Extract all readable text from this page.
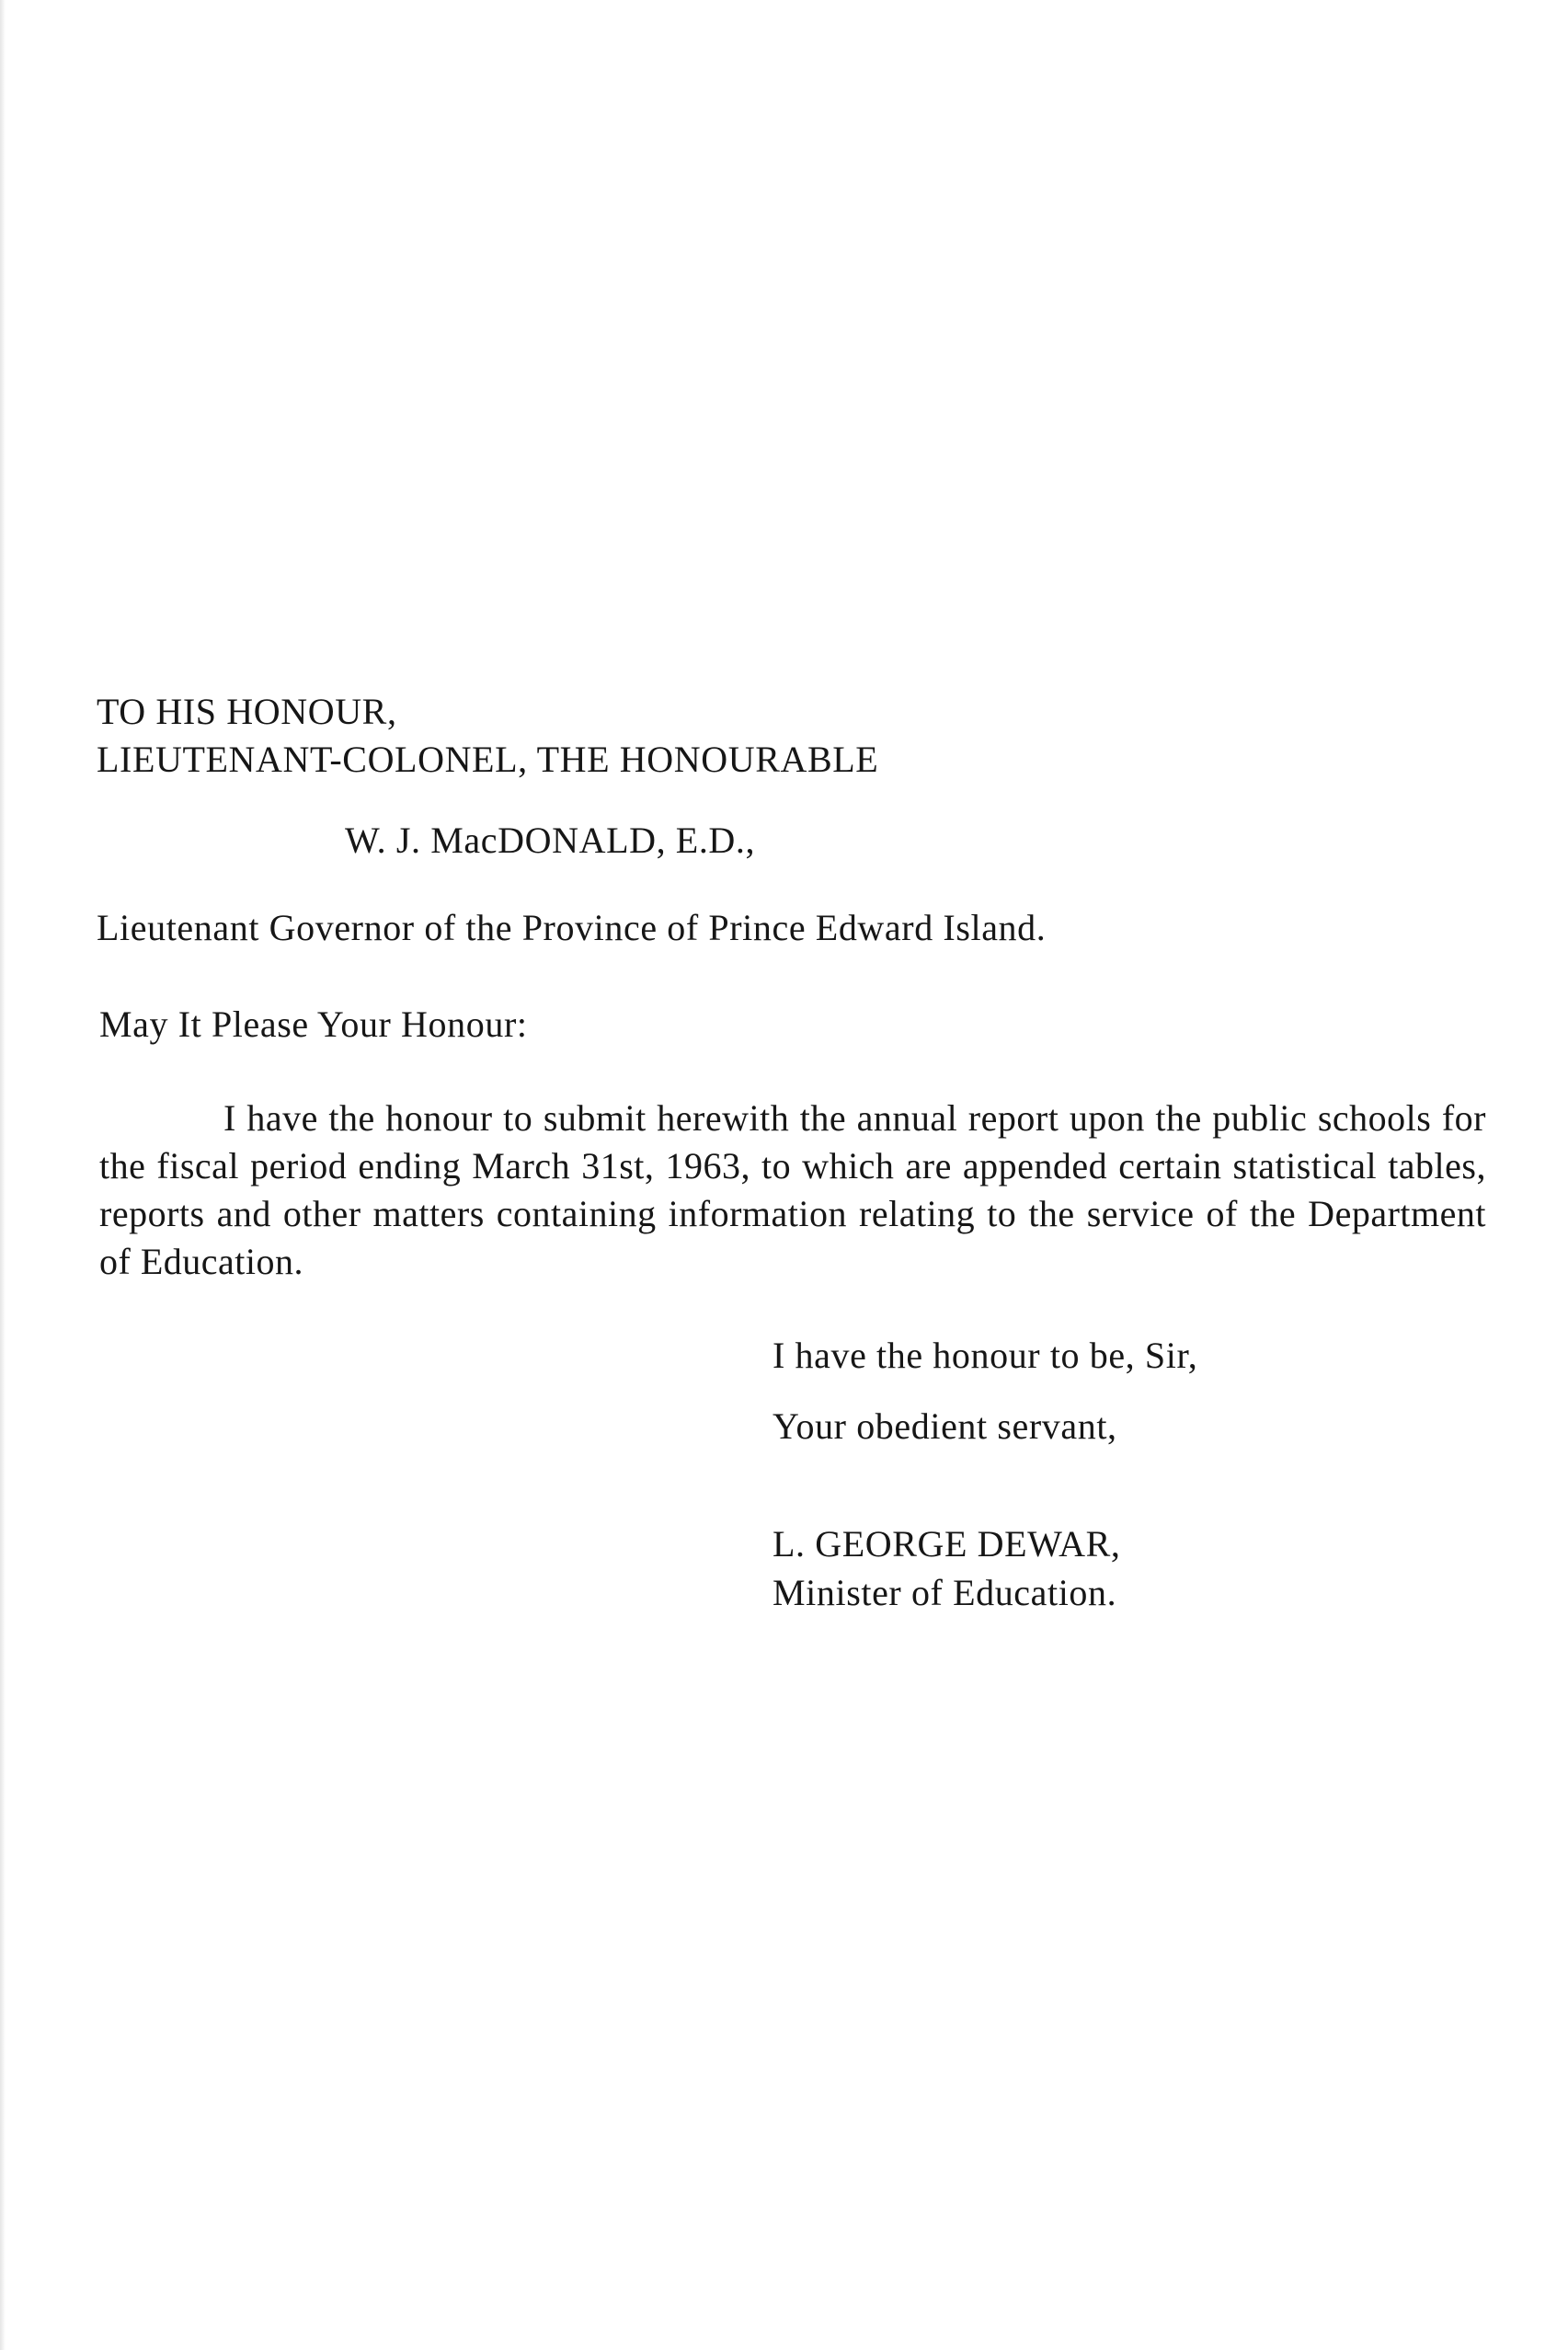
TO HIS HONOUR,
LIEUTENANT-COLONEL, THE HONOURABLE
W. J. MacDONALD, E.D.,
Lieutenant Governor of the Province of Prince Edward Island.
May It Please Your Honour:

I have the honour to submit herewith the annual report upon the public schools for the fiscal period ending March 31st, 1963, to which are appended certain statistical tables, reports and other matters containing information relating to the service of the Department of Education.

I have the honour to be, Sir,
Your obedient servant,
L. GEORGE DEWAR,
Minister of Education.
